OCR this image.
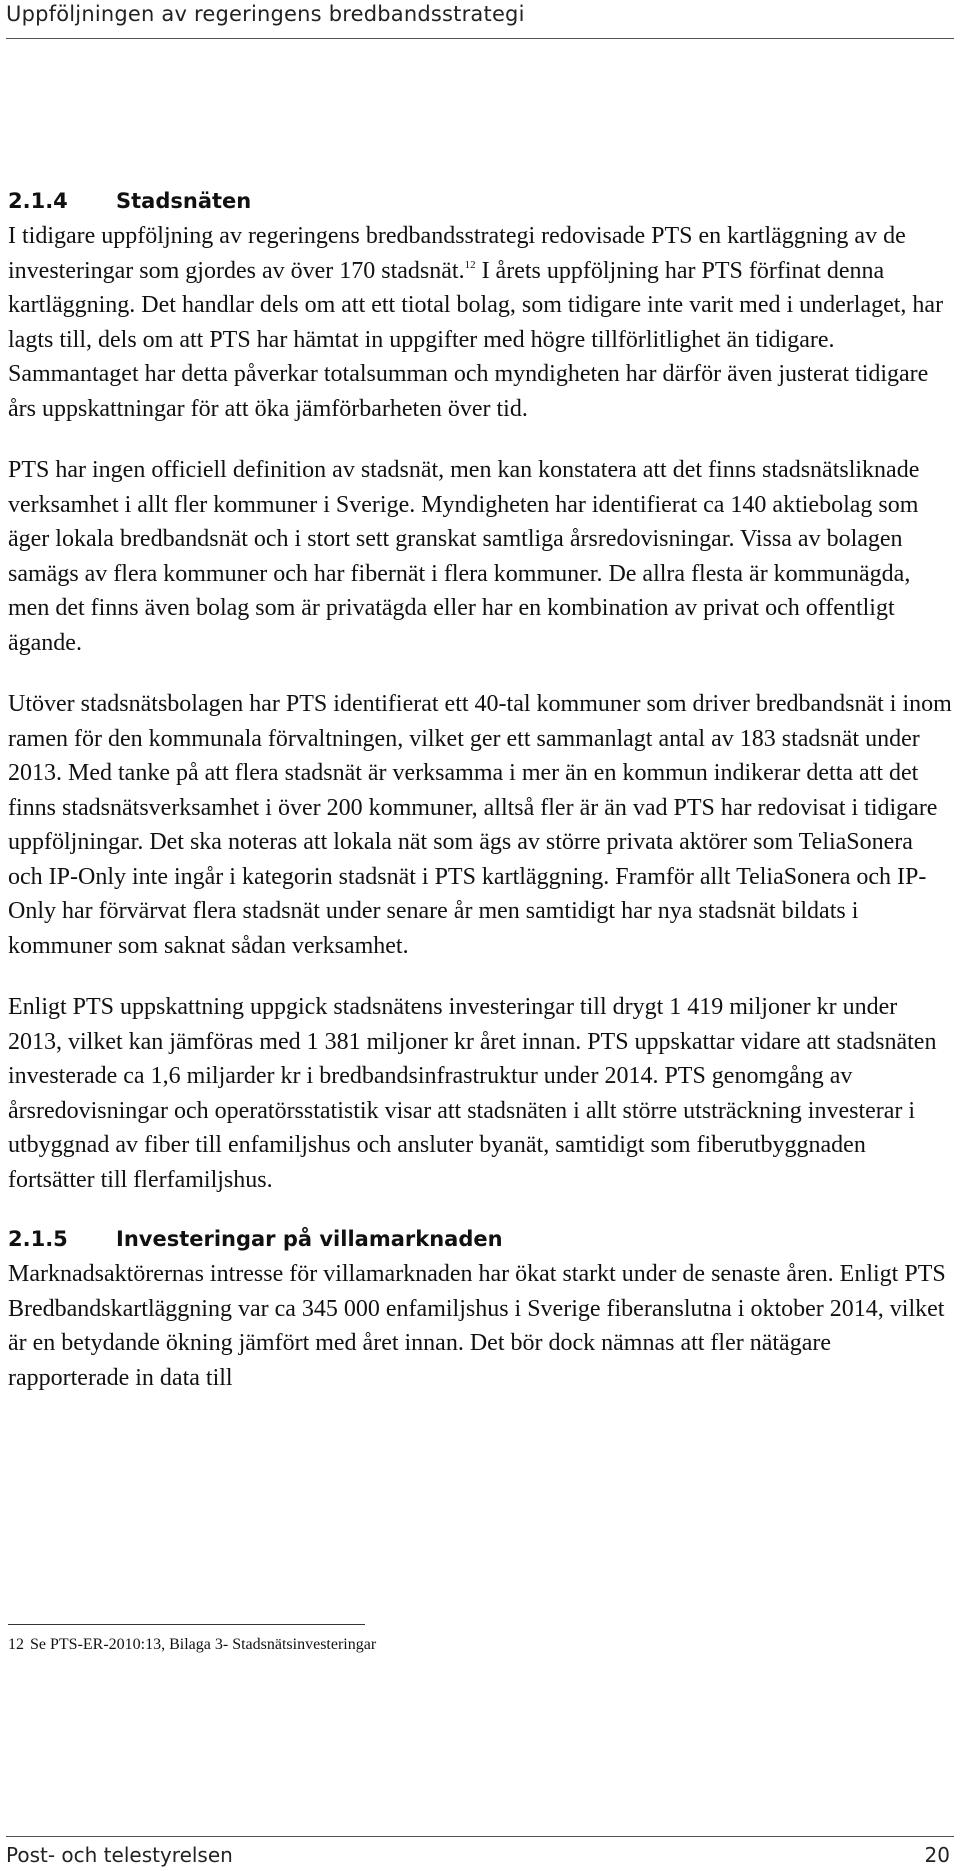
Uppföljningen av regeringens bredbandsstrategi
2.1.4	Stadsnäten

I tidigare uppföljning av regeringens bredbandsstrategi redovisade PTS en kartläggning av de investeringar som gjordes av över 170 stadsnät.$^{12}$ I årets uppföljning har PTS förfinat denna kartläggning. Det handlar dels om att ett tiotal bolag, som tidigare inte varit med i underlaget, har lagts till, dels om att PTS har hämtat in uppgifter med högre tillförlitlighet än tidigare. Sammantaget har detta påverkar totalsumman och myndigheten har därför även justerat tidigare års uppskattningar för att öka jämförbarheten över tid.

PTS har ingen officiell definition av stadsnät, men kan konstatera att det finns stadsnätsliknade verksamhet i allt fler kommuner i Sverige. Myndigheten har identifierat ca 140 aktiebolag som äger lokala bredbandsnät och i stort sett granskat samtliga årsredovisningar. Vissa av bolagen samägs av flera kommuner och har fibernät i flera kommuner. De allra flesta är kommunägda, men det finns även bolag som är privatägda eller har en kombination av privat och offentligt ägande.

Utöver stadsnätsbolagen har PTS identifierat ett 40-tal kommuner som driver bredbandsnät i inom ramen för den kommunala förvaltningen, vilket ger ett sammanlagt antal av 183 stadsnät under 2013. Med tanke på att flera stadsnät är verksamma i mer än en kommun indikerar detta att det finns stadsnätsverksamhet i över 200 kommuner, alltså fler är än vad PTS har redovisat i tidigare uppföljningar. Det ska noteras att lokala nät som ägs av större privata aktörer som TeliaSonera och IP-Only inte ingår i kategorin stadsnät i PTS kartläggning. Framför allt TeliaSonera och IP-Only har förvärvat flera stadsnät under senare år men samtidigt har nya stadsnät bildats i kommuner som saknat sådan verksamhet.

Enligt PTS uppskattning uppgick stadsnätens investeringar till drygt 1 419 miljoner kr under 2013, vilket kan jämföras med 1 381 miljoner kr året innan. PTS uppskattar vidare att stadsnäten investerade ca 1,6 miljarder kr i bredbandsinfrastruktur under 2014. PTS genomgång av årsredovisningar och operatörsstatistik visar att stadsnäten i allt större utsträckning investerar i utbyggnad av fiber till enfamiljshus och ansluter byanät, samtidigt som fiberutbyggnaden fortsätter till flerfamiljshus.

2.1.5	Investeringar på villamarknaden

Marknadsaktörernas intresse för villamarknaden har ökat starkt under de senaste åren. Enligt PTS Bredbandskartläggning var ca 345 000 enfamiljshus i Sverige fiberanslutna i oktober 2014, vilket är en betydande ökning jämfört med året innan. Det bör dock nämnas att fler nätägare rapporterade in data till

12 Se PTS-ER-2010:13, Bilaga 3- Stadsnätsinvesteringar
Post- och telestyrelsen	20
